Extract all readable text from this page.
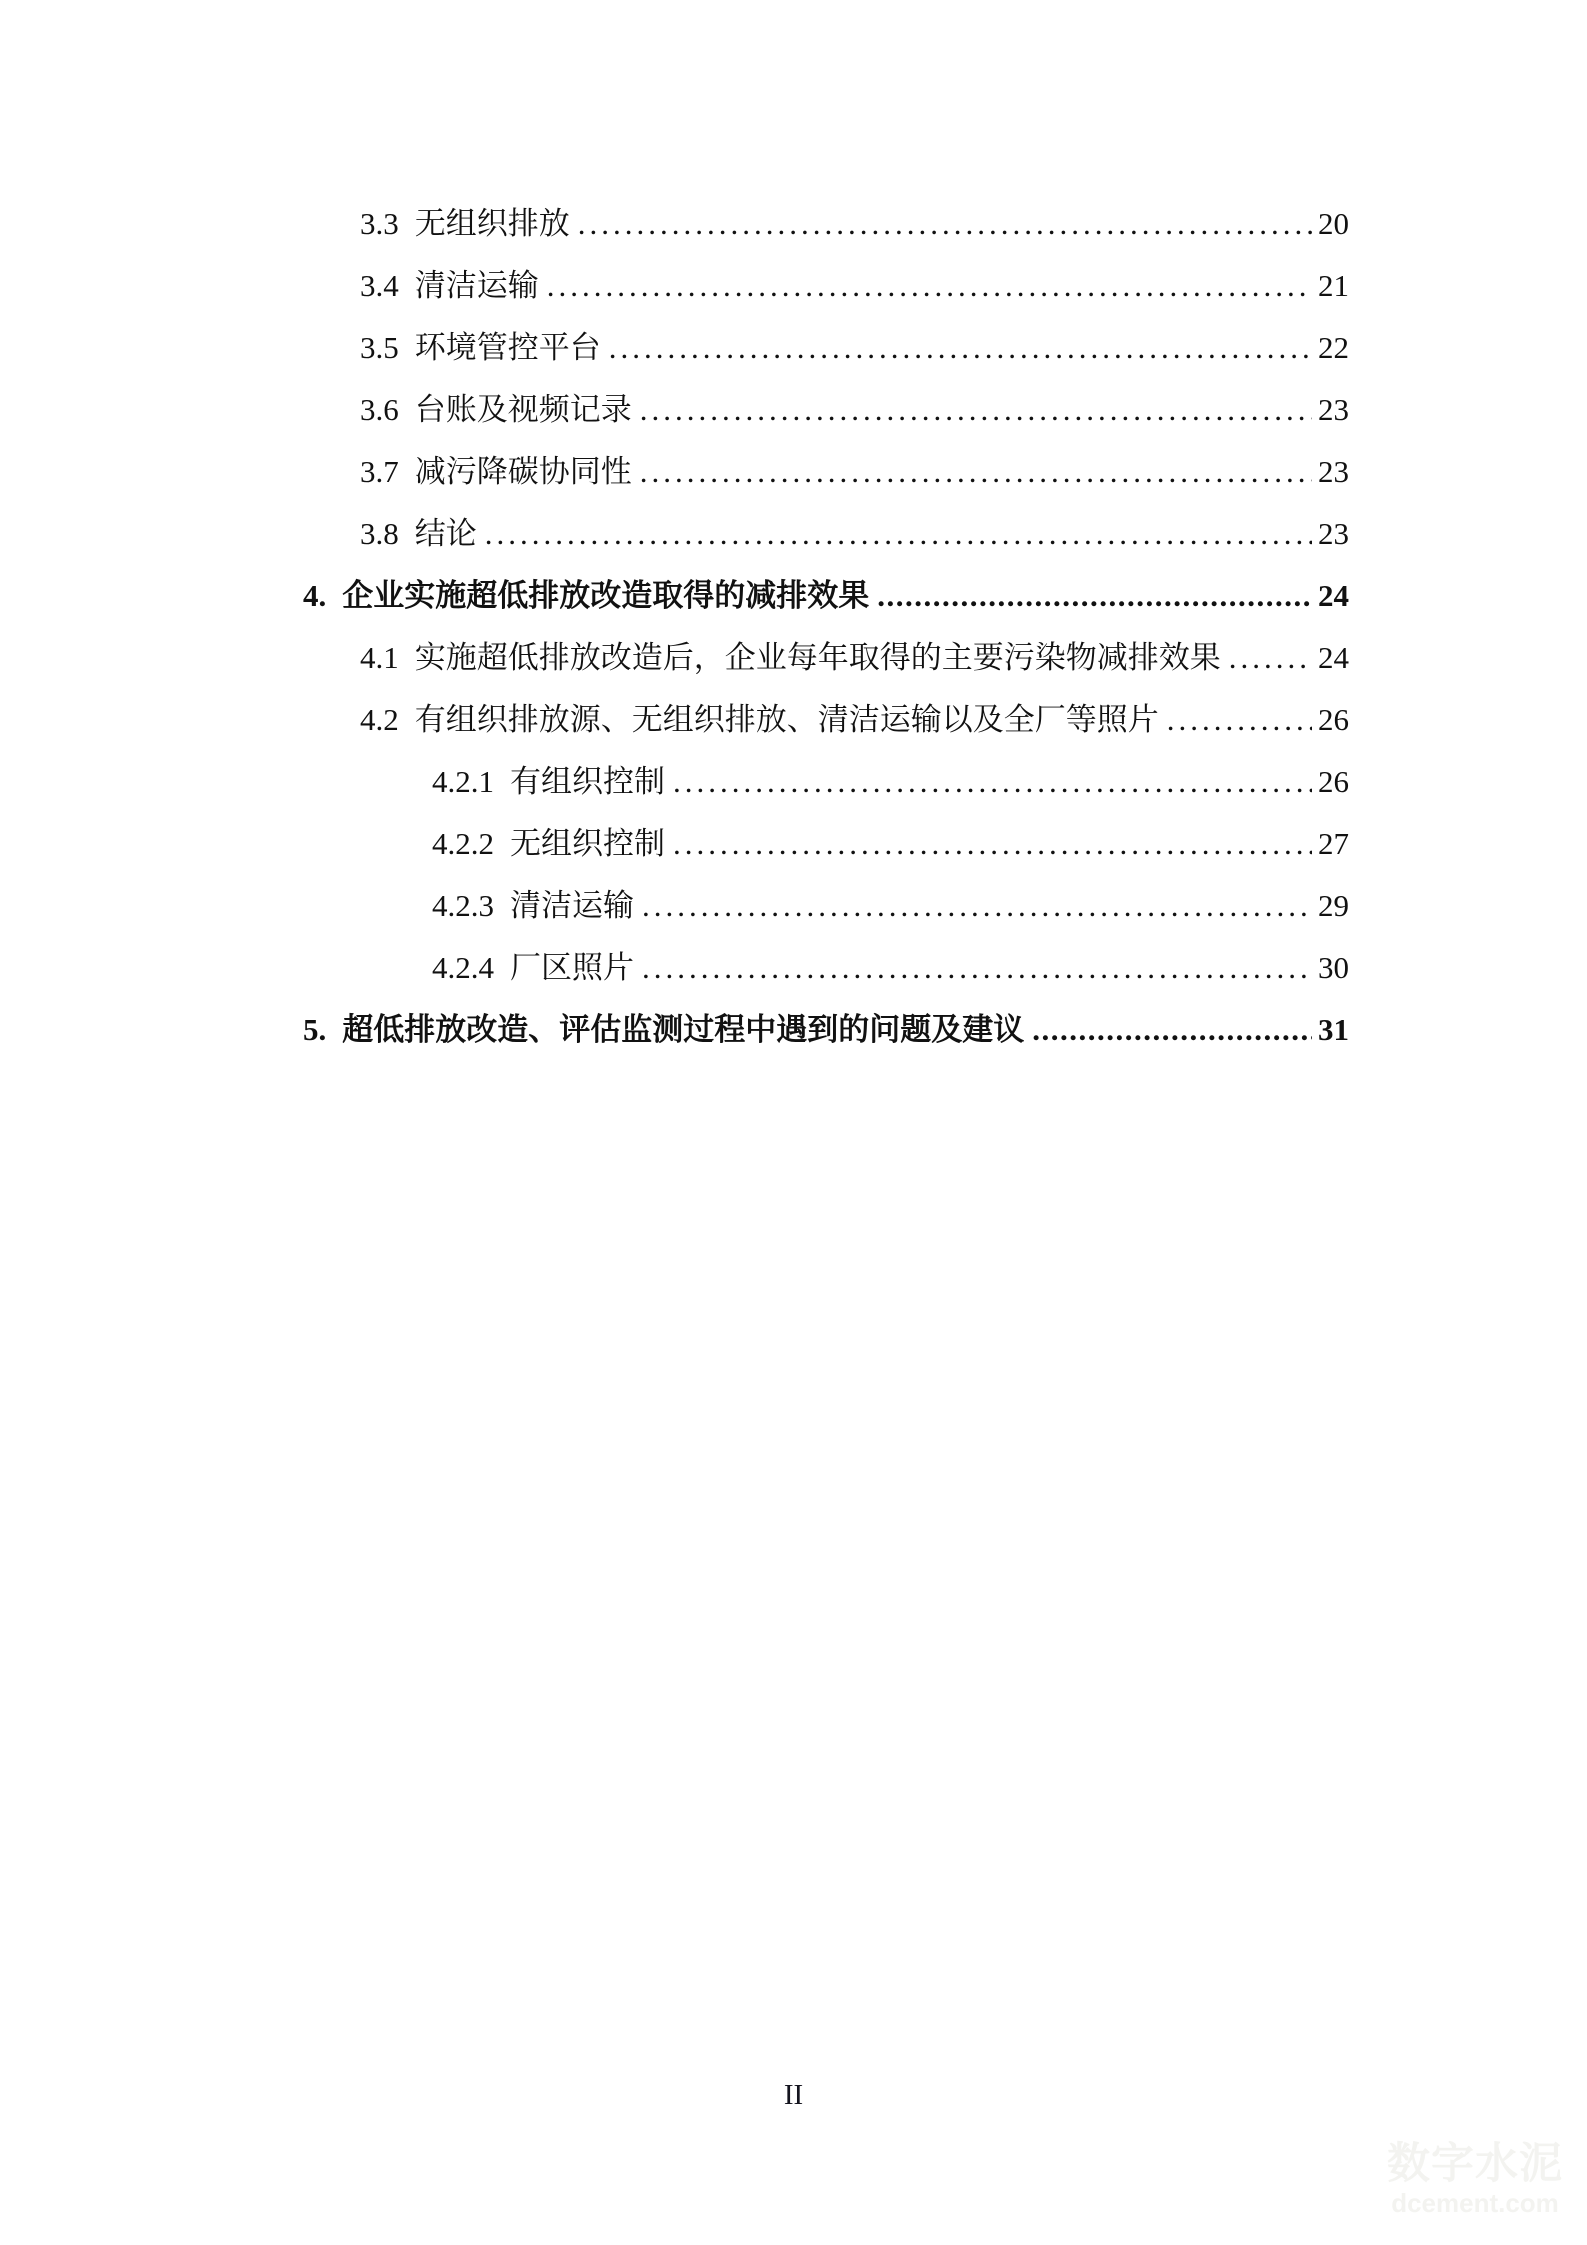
3.3 无组织排放 .....	20
3.4 清洁运输 .....	21
3.5 环境管控平台 .....	22
3.6 台账及视频记录 .....	23
3.7 减污降碳协同性 .....	23
3.8 结论 .....	23
4. 企业实施超低排放改造取得的减排效果 .....	24
4.1 实施超低排放改造后，企业每年取得的主要污染物减排效果 .....	24
4.2 有组织排放源、无组织排放、清洁运输以及全厂等照片 .....	26
4.2.1 有组织控制 .....	26
4.2.2 无组织控制 .....	27
4.2.3 清洁运输 .....	29
4.2.4 厂区照片 .....	30
5. 超低排放改造、评估监测过程中遇到的问题及建议 .....	31
II
数字水泥
dcement.com
